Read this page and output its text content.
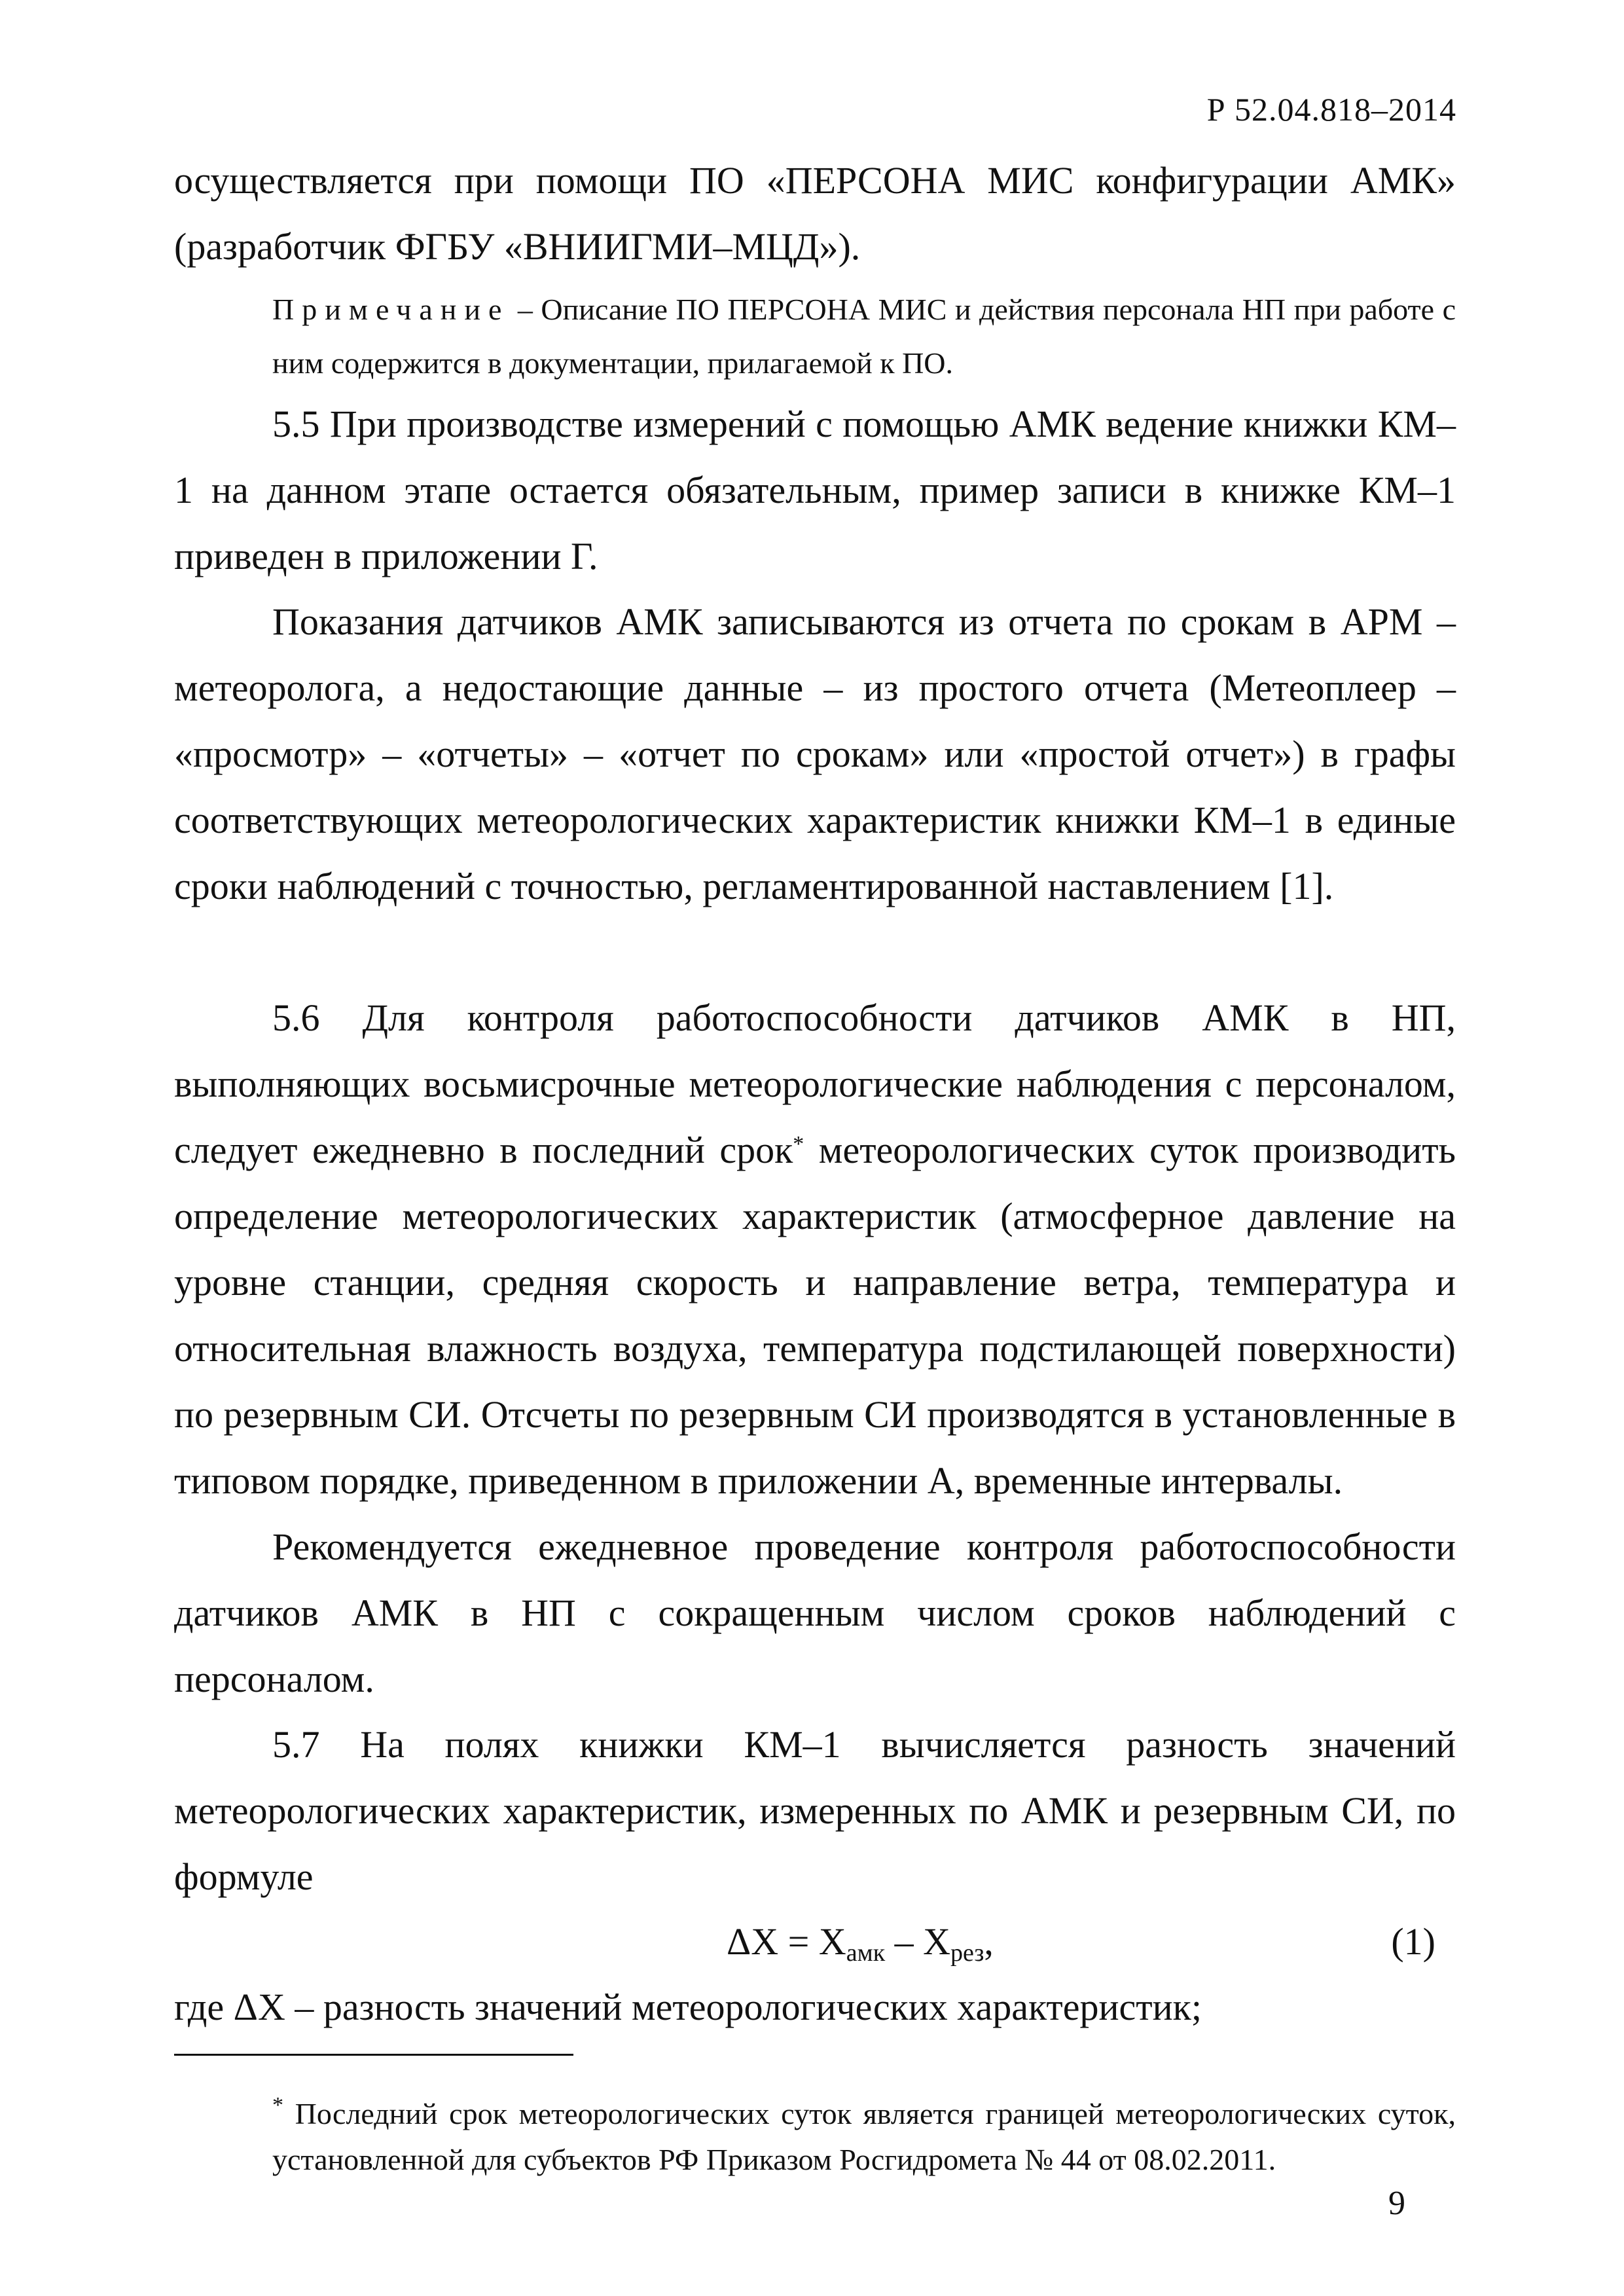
Р 52.04.818–2014

осуществляется при помощи ПО «ПЕРСОНА МИС конфигурации АМК» (разработчик ФГБУ «ВНИИГМИ–МЦД»).

Примечание – Описание ПО ПЕРСОНА МИС и действия персонала НП при работе с ним содержится в документации, прилагаемой к ПО.

5.5 При производстве измерений с помощью АМК ведение книжки КМ–1 на данном этапе остается обязательным, пример записи в книжке КМ–1 приведен в приложении Г.

Показания датчиков АМК записываются из отчета по срокам в АРМ – метеоролога, а недостающие данные – из простого отчета (Метеоплеер – «просмотр» – «отчеты» – «отчет по срокам» или «простой отчет») в графы соответствующих метеорологических характеристик книжки КМ–1 в единые сроки наблюдений с точностью, регламентированной наставлением [1].

5.6 Для контроля работоспособности датчиков АМК в НП, выполняющих восьмисрочные метеорологические наблюдения с персоналом, следует ежедневно в последний срок* метеорологических суток производить определение метеорологических характеристик (атмосферное давление на уровне станции, средняя скорость и направление ветра, температура и относительная влажность воздуха, температура подстилающей поверхности) по резервным СИ. Отсчеты по резервным СИ производятся в установленные в типовом порядке, приведенном в приложении А, временные интервалы.

Рекомендуется ежедневное проведение контроля работоспособности датчиков АМК в НП с сокращенным числом сроков наблюдений с персоналом.

5.7 На полях книжки КМ–1 вычисляется разность значений метеорологических характеристик, измеренных по АМК и резервным СИ, по формуле

$\Delta X = X_{амк} - X_{рез}$,	(1)
где ΔX – разность значений метеорологических характеристик;

* Последний срок метеорологических суток является границей метеорологических суток, установленной для субъектов РФ Приказом Росгидромета № 44 от 08.02.2011.

9
